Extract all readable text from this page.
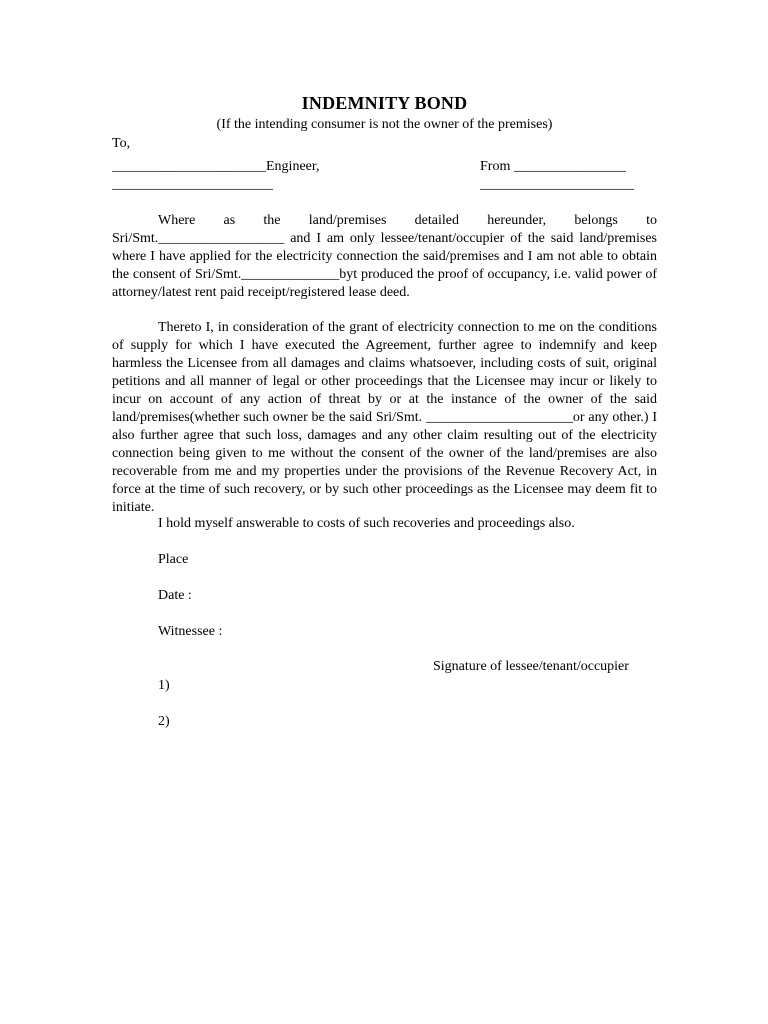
INDEMNITY BOND
(If the intending consumer is not the owner of the premises)
To,
______________________Engineer,
_______________________
From ________________
______________________

Where as the land/premises detailed hereunder, belongs to Sri/Smt.__________________ and I am only lessee/tenant/occupier of the said land/premises where I have applied for the electricity connection the said/premises and I am not able to obtain the consent of Sri/Smt.______________byt produced the proof of occupancy, i.e. valid power of attorney/latest rent paid receipt/registered lease deed.

Thereto I, in consideration of the grant of electricity connection to me on the conditions of supply for which I have executed the Agreement, further agree to indemnify and keep harmless the Licensee from all damages and claims whatsoever, including costs of suit, original petitions and all manner of legal or other proceedings that the Licensee may incur or likely to incur on account of any action of threat by or at the instance of the owner of the said land/premises(whether such owner be the said Sri/Smt. _____________________or any other.) I also further agree that such loss, damages and any other claim resulting out of the electricity connection being given to me without the consent of the owner of the land/premises are also recoverable from me and my properties under the provisions of the Revenue Recovery Act, in force at the time of such recovery, or by such other proceedings as the Licensee may deem fit to initiate.

I hold myself answerable to costs of such recoveries and proceedings also.
Place
Date :
Witnessee :
Signature of lessee/tenant/occupier
1)
2)
